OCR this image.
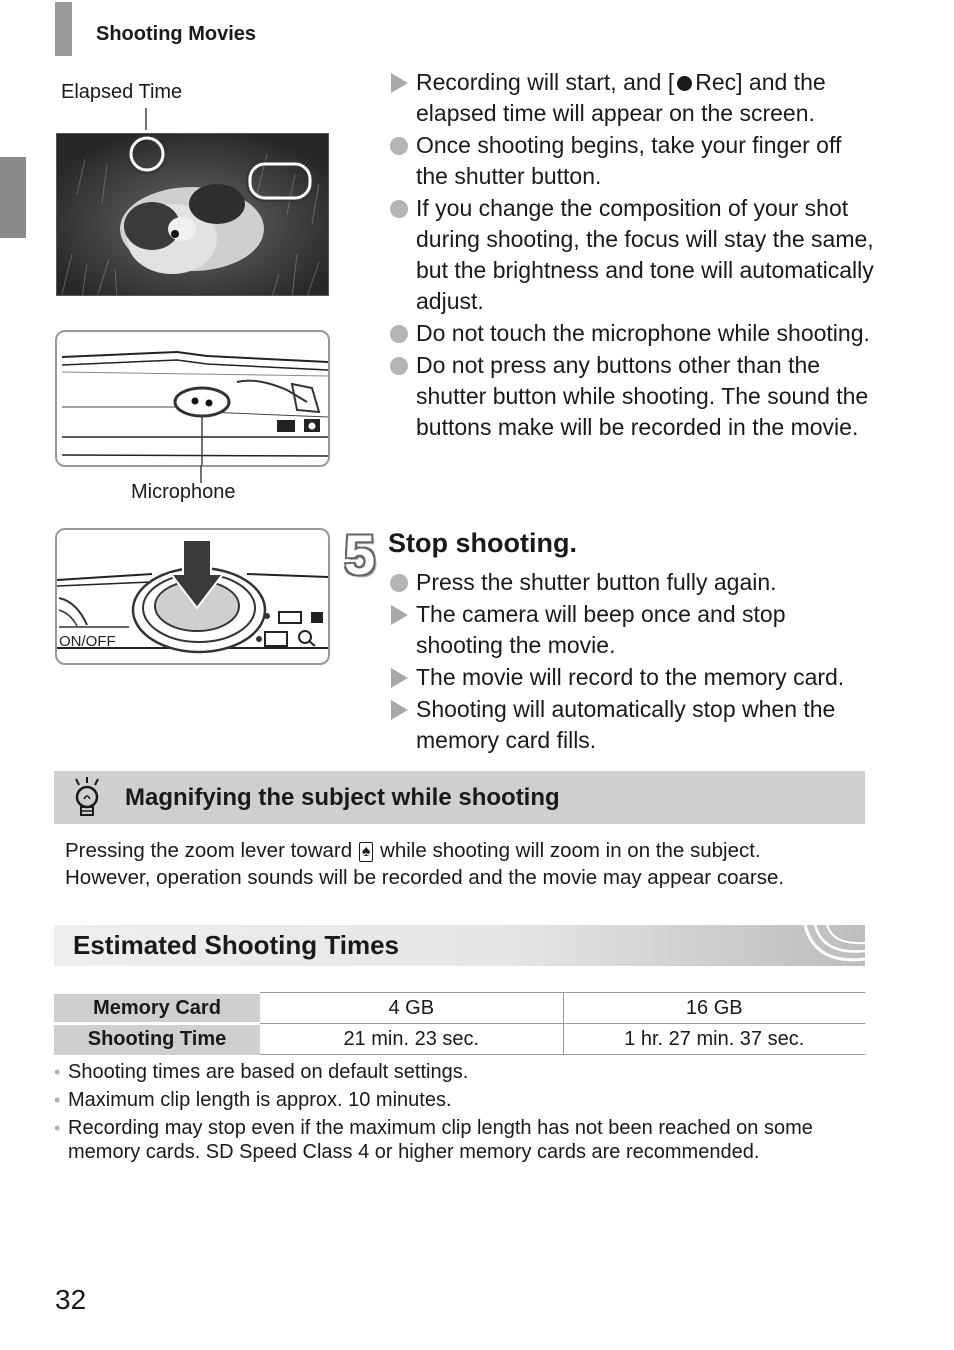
Shooting Movies
Elapsed Time
Microphone
ON/OFF
Recording will start, and [ Rec] and the elapsed time will appear on the screen.
Once shooting begins, take your finger off the shutter button.
If you change the composition of your shot during shooting, the focus will stay the same, but the brightness and tone will automatically adjust.
Do not touch the microphone while shooting.
Do not press any buttons other than the shutter button while shooting. The sound the buttons make will be recorded in the movie.
5 Stop shooting.
Press the shutter button fully again.
The camera will beep once and stop shooting the movie.
The movie will record to the memory card.
Shooting will automatically stop when the memory card fills.
Magnifying the subject while shooting

Pressing the zoom lever toward ♠ while shooting will zoom in on the subject.

However, operation sounds will be recorded and the movie may appear coarse.

Estimated Shooting Times
Memory Card	4 GB	16 GB
Shooting Time	21 min. 23 sec.	1 hr. 27 min. 37 sec.
• Shooting times are based on default settings.
• Maximum clip length is approx. 10 minutes.
• Recording may stop even if the maximum clip length has not been reached on some memory cards. SD Speed Class 4 or higher memory cards are recommended.
32
